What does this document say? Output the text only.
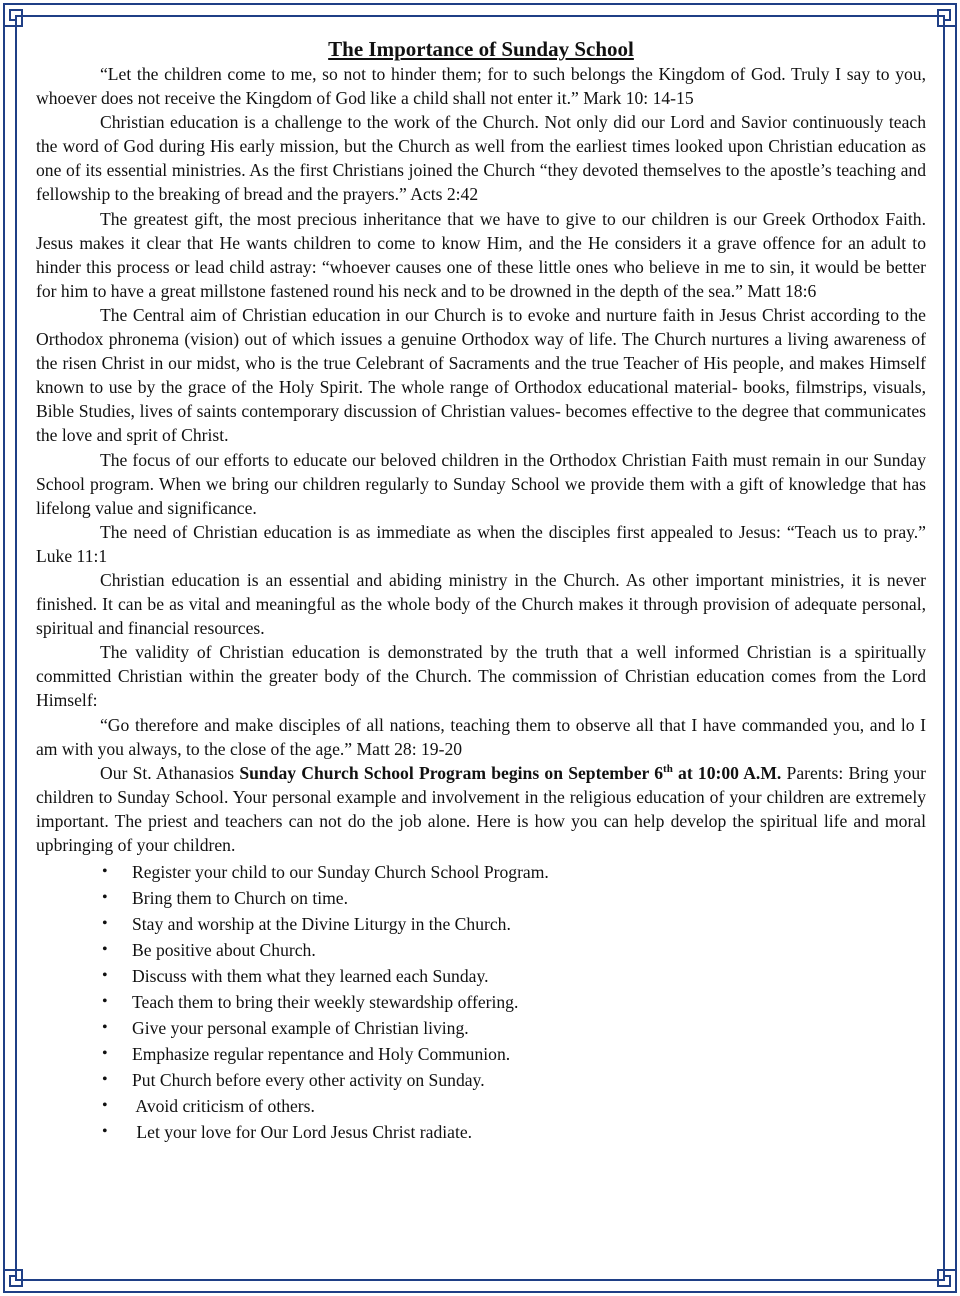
The Importance of Sunday School

“Let the children come to me, so not to hinder them; for to such belongs the Kingdom of God. Truly I say to you, whoever does not receive the Kingdom of God like a child shall not enter it.” Mark 10: 14-15

Christian education is a challenge to the work of the Church. Not only did our Lord and Savior continuously teach the word of God during His early mission, but the Church as well from the earliest times looked upon Christian education as one of its essential ministries. As the first Christians joined the Church “they devoted themselves to the apostle’s teaching and fellowship to the breaking of bread and the prayers.” Acts 2:42

The greatest gift, the most precious inheritance that we have to give to our children is our Greek Orthodox Faith. Jesus makes it clear that He wants children to come to know Him, and the He considers it a grave offence for an adult to hinder this process or lead child astray: “whoever causes one of these little ones who believe in me to sin, it would be better for him to have a great millstone fastened round his neck and to be drowned in the depth of the sea.” Matt 18:6

The Central aim of Christian education in our Church is to evoke and nurture faith in Jesus Christ according to the Orthodox phronema (vision) out of which issues a genuine Orthodox way of life. The Church nurtures a living awareness of the risen Christ in our midst, who is the true Celebrant of Sacraments and the true Teacher of His people, and makes Himself known to use by the grace of the Holy Spirit. The whole range of Orthodox educational material- books, filmstrips, visuals, Bible Studies, lives of saints contemporary discussion of Christian values- becomes effective to the degree that communicates the love and sprit of Christ.

The focus of our efforts to educate our beloved children in the Orthodox Christian Faith must remain in our Sunday School program. When we bring our children regularly to Sunday School we provide them with a gift of knowledge that has lifelong value and significance.

The need of Christian education is as immediate as when the disciples first appealed to Jesus: “Teach us to pray.” Luke 11:1

Christian education is an essential and abiding ministry in the Church. As other important ministries, it is never finished. It can be as vital and meaningful as the whole body of the Church makes it through provision of adequate personal, spiritual and financial resources.

The validity of Christian education is demonstrated by the truth that a well informed Christian is a spiritually committed Christian within the greater body of the Church. The commission of Christian education comes from the Lord Himself:

“Go therefore and make disciples of all nations, teaching them to observe all that I have commanded you, and lo I am with you always, to the close of the age.” Matt 28: 19-20

Our St. Athanasios Sunday Church School Program begins on September 6th at 10:00 A.M. Parents: Bring your children to Sunday School. Your personal example and involvement in the religious education of your children are extremely important. The priest and teachers can not do the job alone. Here is how you can help develop the spiritual life and moral upbringing of your children.

• Register your child to our Sunday Church School Program.
• Bring them to Church on time.
• Stay and worship at the Divine Liturgy in the Church.
• Be positive about Church.
• Discuss with them what they learned each Sunday.
• Teach them to bring their weekly stewardship offering.
• Give your personal example of Christian living.
• Emphasize regular repentance and Holy Communion.
• Put Church before every other activity on Sunday.
• Avoid criticism of others.
• Let your love for Our Lord Jesus Christ radiate.
